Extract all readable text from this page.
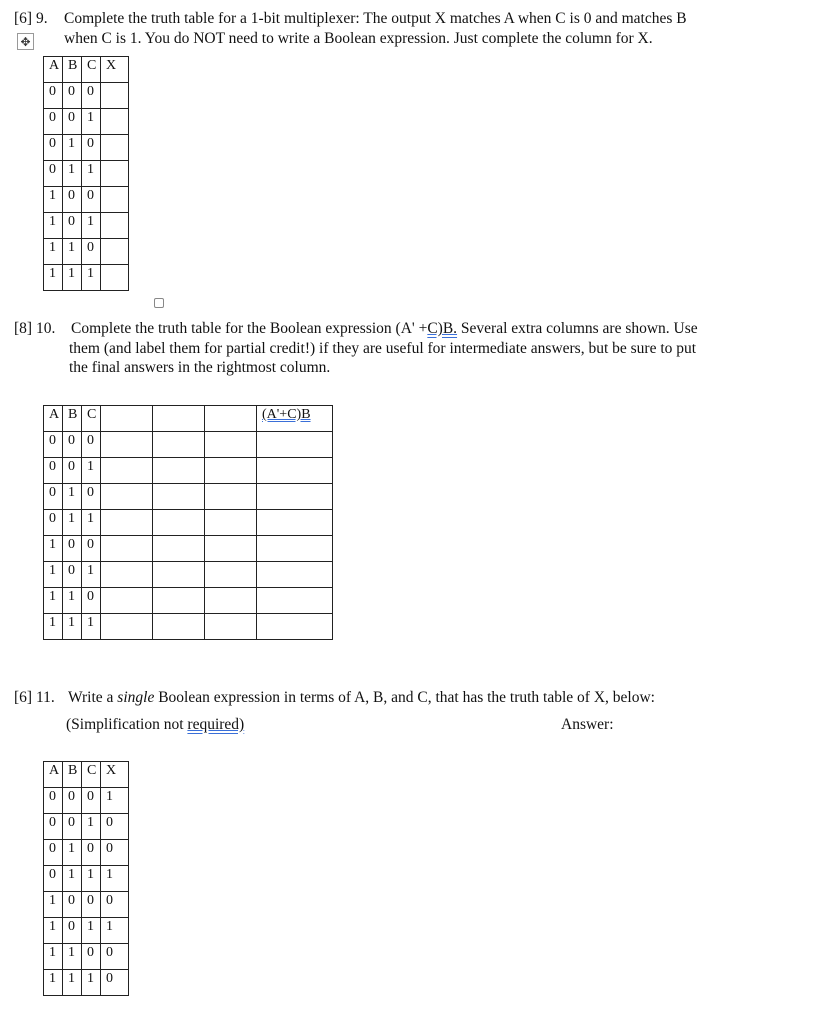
[6] 9. Complete the truth table for a 1-bit multiplexer: The output X matches A when C is 0 and matches B
when C is 1. You do NOT need to write a Boolean expression. Just complete the column for X.
✥
A	B	C	X
0	0	0	
0	0	1	
0	1	0	
0	1	1	
1	0	0	
1	0	1	
1	1	0	
1	1	1	
[8] 10. Complete the truth table for the Boolean expression (A' +C)B. Several extra columns are shown. Use
them (and label them for partial credit!) if they are useful for intermediate answers, but be sure to put
the final answers in the rightmost column.
A	B	C				(A'+C)B
0	0	0				
0	0	1				
0	1	0				
0	1	1				
1	0	0				
1	0	1				
1	1	0				
1	1	1				
[6] 11. Write a single Boolean expression in terms of A, B, and C, that has the truth table of X, below:
(Simplification not required)	Answer:
A	B	C	X
0	0	0	1
0	0	1	0
0	1	0	0
0	1	1	1
1	0	0	0
1	0	1	1
1	1	0	0
1	1	1	0
